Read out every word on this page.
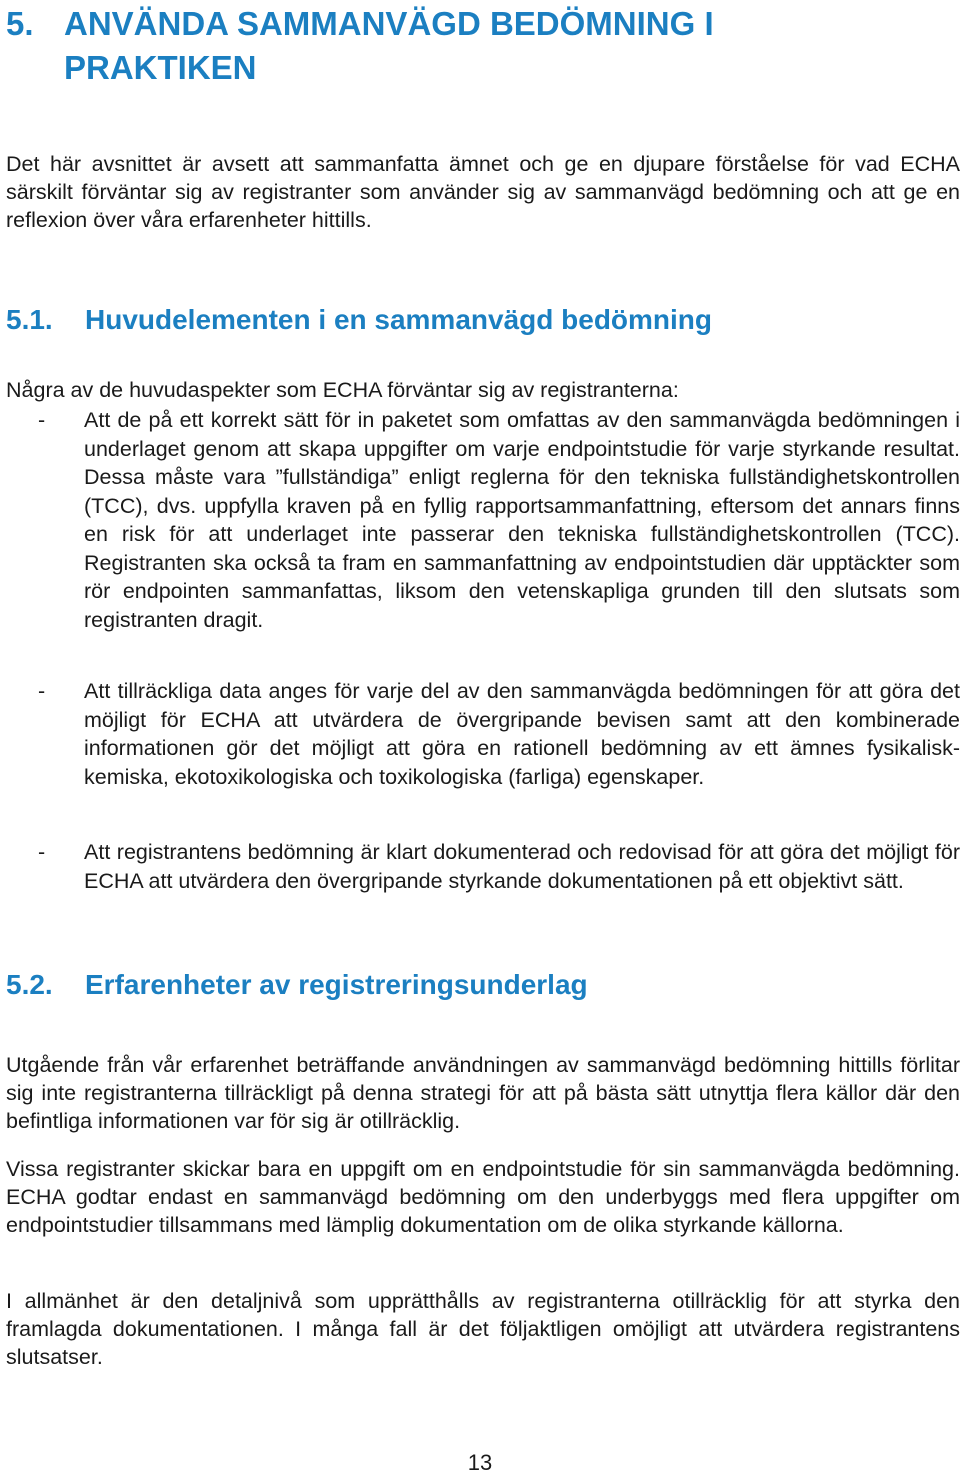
5. ANVÄNDA SAMMANVÄGD BEDÖMNING I
PRAKTIKEN

Det här avsnittet är avsett att sammanfatta ämnet och ge en djupare förståelse för vad ECHA särskilt förväntar sig av registranter som använder sig av sammanvägd bedömning och att ge en reflexion över våra erfarenheter hittills.

5.1. Huvudelementen i en sammanvägd bedömning

Några av de huvudaspekter som ECHA förväntar sig av registranterna:

- Att de på ett korrekt sätt för in paketet som omfattas av den sammanvägda bedömningen i underlaget genom att skapa uppgifter om varje endpointstudie för varje styrkande resultat. Dessa måste vara ”fullständiga” enligt reglerna för den tekniska fullständighetskontrollen (TCC), dvs. uppfylla kraven på en fyllig rapportsammanfattning, eftersom det annars finns en risk för att underlaget inte passerar den tekniska fullständighetskontrollen (TCC). Registranten ska också ta fram en sammanfattning av endpointstudien där upptäckter som rör endpointen sammanfattas, liksom den vetenskapliga grunden till den slutsats som registranten dragit.
- Att tillräckliga data anges för varje del av den sammanvägda bedömningen för att göra det möjligt för ECHA att utvärdera de övergripande bevisen samt att den kombinerade informationen gör det möjligt att göra en rationell bedömning av ett ämnes fysikalisk-kemiska, ekotoxikologiska och toxikologiska (farliga) egenskaper.
- Att registrantens bedömning är klart dokumenterad och redovisad för att göra det möjligt för ECHA att utvärdera den övergripande styrkande dokumentationen på ett objektivt sätt.
5.2. Erfarenheter av registreringsunderlag

Utgående från vår erfarenhet beträffande användningen av sammanvägd bedömning hittills förlitar sig inte registranterna tillräckligt på denna strategi för att på bästa sätt utnyttja flera källor där den befintliga informationen var för sig är otillräcklig.

Vissa registranter skickar bara en uppgift om en endpointstudie för sin sammanvägda bedömning. ECHA godtar endast en sammanvägd bedömning om den underbyggs med flera uppgifter om endpointstudier tillsammans med lämplig dokumentation om de olika styrkande källorna.

I allmänhet är den detaljnivå som upprätthålls av registranterna otillräcklig för att styrka den framlagda dokumentationen. I många fall är det följaktligen omöjligt att utvärdera registrantens slutsatser.

13
